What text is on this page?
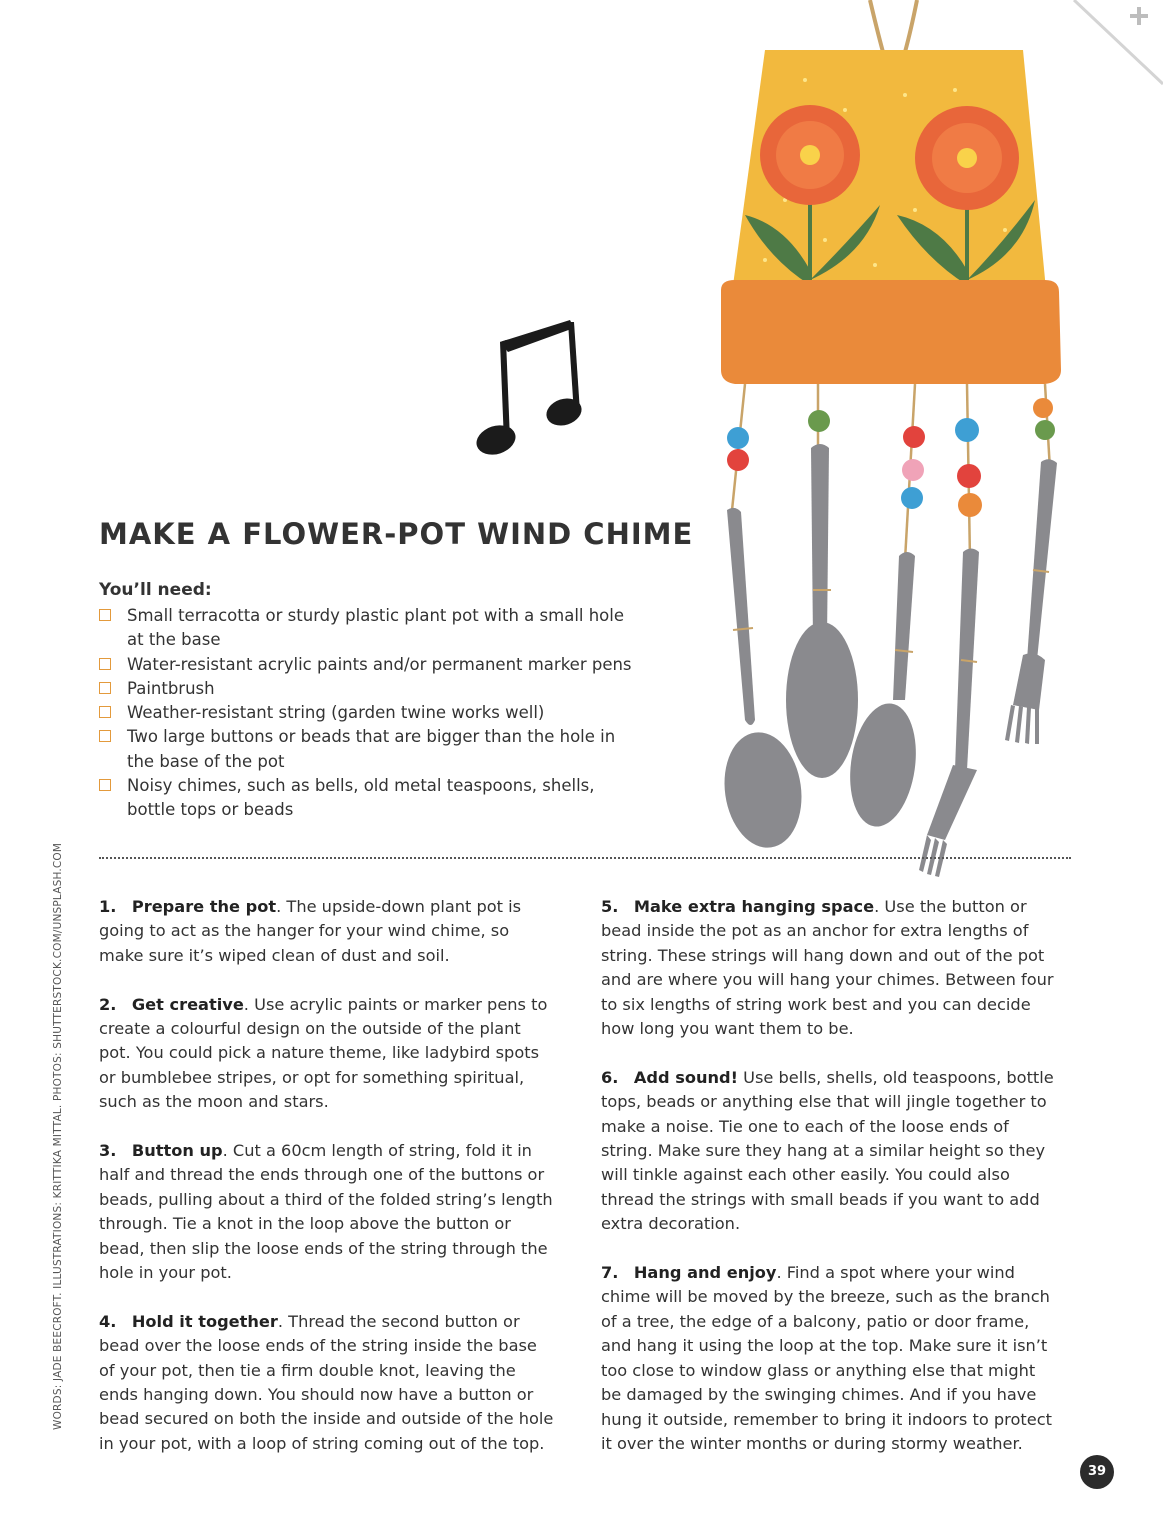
MAKE A FLOWER-POT WIND CHIME
You’ll need:
Small terracotta or sturdy plastic plant pot with a small hole at the base
Water-resistant acrylic paints and/or permanent marker pens
Paintbrush
Weather-resistant string (garden twine works well)
Two large buttons or beads that are bigger than the hole in the base of the pot
Noisy chimes, such as bells, old metal teaspoons, shells, bottle tops or beads

1. Prepare the pot. The upside-down plant pot is going to act as the hanger for your wind chime, so make sure it’s wiped clean of dust and soil.

2. Get creative. Use acrylic paints or marker pens to create a colourful design on the outside of the plant pot. You could pick a nature theme, like ladybird spots or bumblebee stripes, or opt for something spiritual, such as the moon and stars.

3. Button up. Cut a 60cm length of string, fold it in half and thread the ends through one of the buttons or beads, pulling about a third of the folded string’s length through. Tie a knot in the loop above the button or bead, then slip the loose ends of the string through the hole in your pot.

4. Hold it together. Thread the second button or bead over the loose ends of the string inside the base of your pot, then tie a firm double knot, leaving the ends hanging down. You should now have a button or bead secured on both the inside and outside of the hole in your pot, with a loop of string coming out of the top.

5. Make extra hanging space. Use the button or bead inside the pot as an anchor for extra lengths of string. These strings will hang down and out of the pot and are where you will hang your chimes. Between four to six lengths of string work best and you can decide how long you want them to be.

6. Add sound! Use bells, shells, old teaspoons, bottle tops, beads or anything else that will jingle together to make a noise. Tie one to each of the loose ends of string. Make sure they hang at a similar height so they will tinkle against each other easily. You could also thread the strings with small beads if you want to add extra decoration.

7. Hang and enjoy. Find a spot where your wind chime will be moved by the breeze, such as the branch of a tree, the edge of a balcony, patio or door frame, and hang it using the loop at the top. Make sure it isn’t too close to window glass or anything else that might be damaged by the swinging chimes. And if you have hung it outside, remember to bring it indoors to protect it over the winter months or during stormy weather.

WORDS: JADE BEECROFT. ILLUSTRATIONS: KRITTIKA MITTAL. PHOTOS: SHUTTERSTOCK.COM/UNSPLASH.COM
39
